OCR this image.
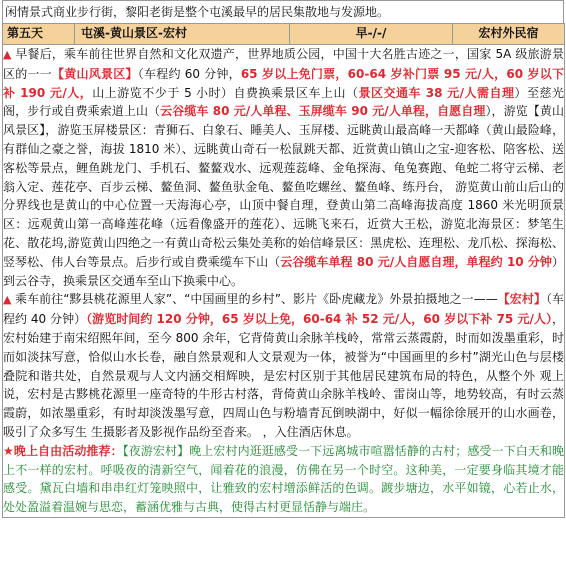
闲情景式商业步行街，黎阳老街是整个屯溪最早的居民集散地与发源地。
第五天	屯溪-黄山景区-宏村	早-/-/	宏村外民宿

▲ 早餐后，乘车前往世界自然和文化双遗产，世界地质公园，中国十大名胜古迹之一，国家 5A 级旅游景区的一一【黄山风景区】（车程约 60 分钟，65 岁以上免门票，60-64 岁补门票 95 元/人，60 岁以下补 190 元/人，山上游览不少于 5 小时）自费换乘景区车上山（景区交通车 38 元/人需自理）至慈光阁，步行或自费乘索道上山（云谷缆车 80 元/人单程、玉屏缆车 90 元/人单程，自愿自理），游览【黄山风景区】，游览玉屏楼景区：青狮石、白象石、睡美人、玉屏楼、远眺黄山最高峰一天都峰（黄山最险峰，有群仙之豪之誉，海拔 1810 米）、远眺黄山奇石一松鼠跳天都、近赏黄山镇山之宝-迎客松、陪客松、送客松等景点，鲤鱼跳龙门、手机石、鳌鳌戏水、远观莲蕊峰、金龟探海、龟兔赛跑、龟蛇二将守云梯、老翁入定、莲花亭、百步云梯、鳌鱼洞、鳌鱼驮金龟、鳌鱼吃螺丝、鳌鱼峰、练丹台， 游览黄山前山后山的分界线也是黄山的中心位置一天海海心亭，山顶中餐自理，登黄山第二高峰海拔高度 1860 米光明顶景区：远观黄山第一高峰莲花峰（远看像盛开的莲花）、远眺飞来石，近赏大王松，游览北海景区：梦笔生花、散花坞,游览黄山四绝之一有黄山奇松云集处美称的始信峰景区：黑虎松、连理松、龙爪松、探海松、竖琴松、伟人台等景点。后步行或自费乘缆车下山（云谷缆车单程 80 元/人自愿自理，单程约 10 分钟）到云谷寺，换乘景区交通车至山下换乘中心。

▲ 乘车前往“黟县桃花源里人家”、“中国画里的乡村”、影片《卧虎藏龙》外景拍摄地之一——【宏村】（车程约 40 分钟）（游览时间约 120 分钟，65 岁以上免，60-64 补 52 元/人，60 岁以下补 75 元/人），宏村始建于南宋绍熙年间，至今 800 余年，它背倚黄山余脉羊栈岭，常常云蒸霞蔚，时而如泼墨重彩，时而如淡抹写意，恰似山水长卷，融自然景观和人文景观为一体，被誉为“中国画里的乡村”湖光山色与层楼叠院和谐共处，自然景观与人文内涵交相辉映，是宏村区别于其他居民建筑布局的特色，从整个外 观上说，宏村是古黟桃花源里一座奇特的牛形古村落，背倚黄山余脉羊栈岭、雷岗山等，地势较高，有时云蒸霞蔚，如浓墨重彩，有时却淡泼墨写意，四周山色与粉墙青瓦倒映湖中，好似一幅徐徐展开的山水画卷，吸引了众多写生 生摄影者及影视作品纷至沓来。 ，入住酒店休息。

★晚上自由活动推荐：【夜游宏村】晚上宏村内逛逛感受一下远离城市喧嚣恬静的古村；感受一下白天和晚上不一样的宏村。呼吸夜的清新空气，闻着花的浪漫，仿佛在另一个时空。这种美，一定要身临其境才能感受。黛瓦白墙和串串红灯笼映照中，让雅致的宏村增添鲜活的色调。踱步塘边，水平如镜，心若止水，处处盈溢着温婉与思恋，蓄涵优雅与古典，使得古村更显恬静与端庄。
